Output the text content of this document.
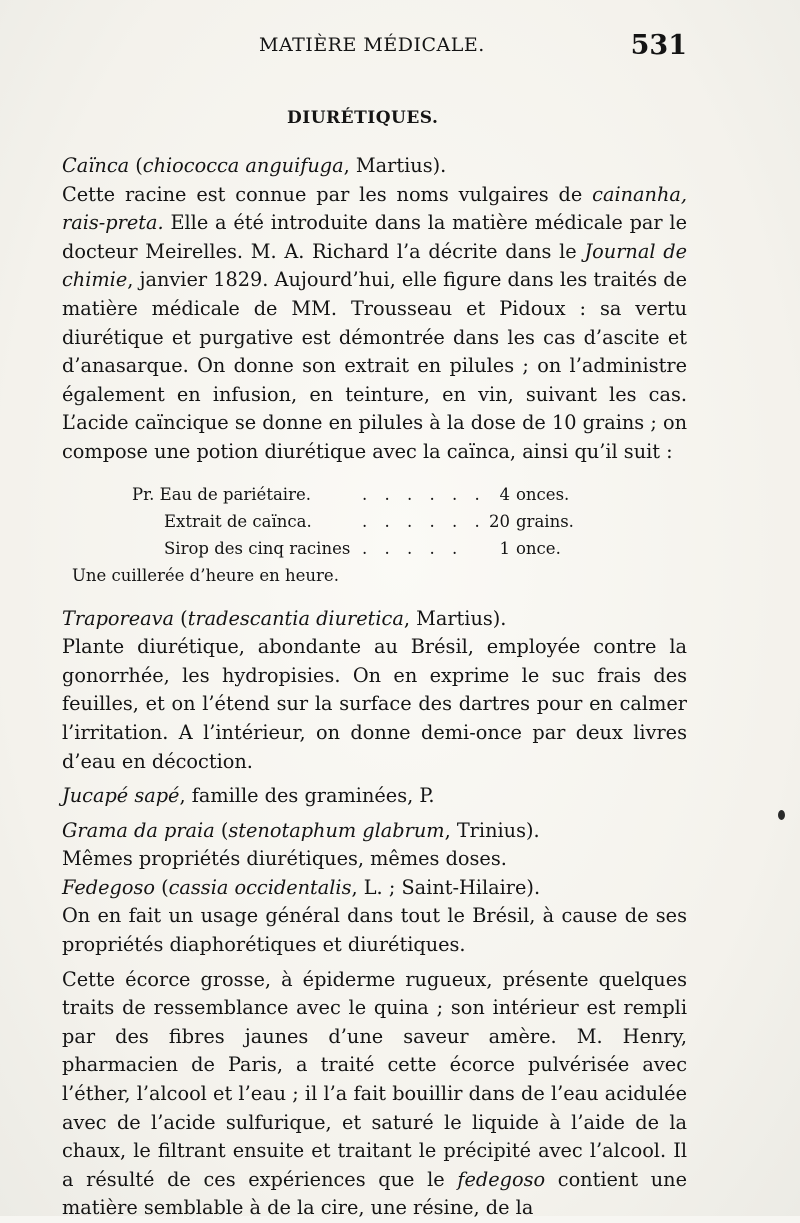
MATIÈRE MÉDICALE.	531
DIURÉTIQUES.

Caïnca (chiococca anguifuga, Martius).

Cette racine est connue par les noms vulgaires de cainanha, rais-preta. Elle a été introduite dans la matière médicale par le docteur Meirelles. M. A. Richard l’a décrite dans le Journal de chimie, janvier 1829. Aujourd’hui, elle figure dans les traités de matière médicale de MM. Trousseau et Pidoux : sa vertu diurétique et purgative est démontrée dans les cas d’ascite et d’anasarque. On donne son extrait en pilules ; on l’administre également en infusion, en teinture, en vin, suivant les cas. L’acide caïncique se donne en pilules à la dose de 10 grains ; on compose une potion diurétique avec la caïnca, ainsi qu’il suit :

Pr. Eau de pariétaire.	. . . . . . 4 onces.
Extrait de caïnca.	. . . . . . 20 grains.
Sirop des cinq racines . . . . .	1 once.

Une cuillerée d’heure en heure.

Traporeava (tradescantia diuretica, Martius).

Plante diurétique, abondante au Brésil, employée contre la gonorrhée, les hydropisies. On en exprime le suc frais des feuilles, et on l’étend sur la surface des dartres pour en calmer l’irritation. A l’intérieur, on donne demi-once par deux livres d’eau en décoction.

Jucapé sapé, famille des graminées, P.

Grama da praia (stenotaphum glabrum, Trinius).

Mêmes propriétés diurétiques, mêmes doses.

Fedegoso (cassia occidentalis, L. ; Saint-Hilaire).

On en fait un usage général dans tout le Brésil, à cause de ses propriétés diaphorétiques et diurétiques.

Cette écorce grosse, à épiderme rugueux, présente quelques traits de ressemblance avec le quina ; son intérieur est rempli par des fibres jaunes d’une saveur amère. M. Henry, pharmacien de Paris, a traité cette écorce pulvérisée avec l’éther, l’alcool et l’eau ; il l’a fait bouillir dans de l’eau acidulée avec de l’acide sulfurique, et saturé le liquide à l’aide de la chaux, le filtrant ensuite et traitant le précipité avec l’alcool. Il a résulté de ces expériences que le fedegoso contient une matière semblable à de la cire, une résine, de la
